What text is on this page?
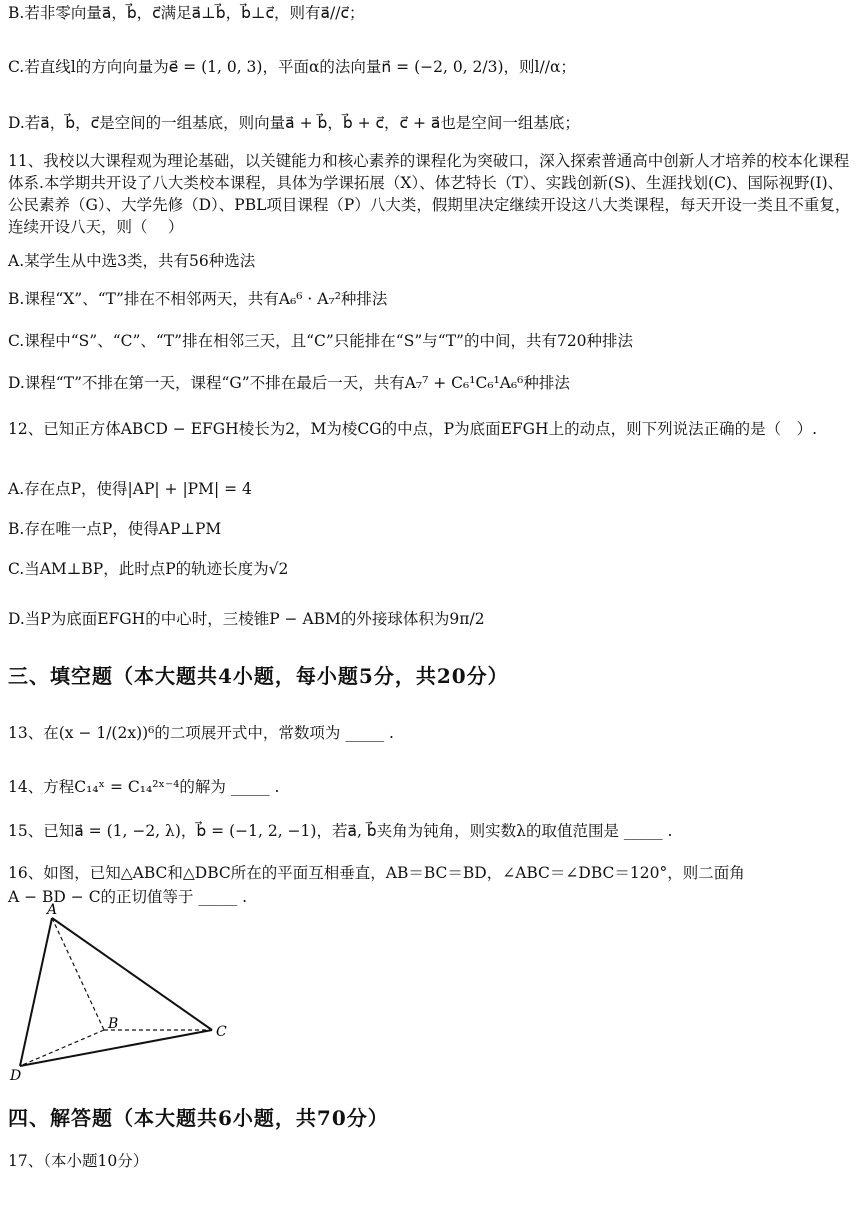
B.若非零向量a⃗，b⃗，c⃗满足a⃗⊥b⃗，b⃗⊥c⃗，则有a⃗//c⃗；
C.若直线l的方向向量为e⃗ = (1, 0, 3)，平面α的法向量n⃗ = (−2, 0, 2/3)，则l//α；
D.若a⃗，b⃗，c⃗是空间的一组基底，则向量a⃗ + b⃗，b⃗ + c⃗，c⃗ + a⃗也是空间一组基底；
11、我校以大课程观为理论基础，以关键能力和核心素养的课程化为突破口，深入探索普通高中创新人才培养的校本化课程体系.本学期共开设了八大类校本课程，具体为学课拓展（X）、体艺特长（T）、实践创新(S)、生涯找划(C)、国际视野(I)、公民素养（G）、大学先修（D）、PBL项目课程（P）八大类，假期里决定继续开设这八大类课程，每天开设一类且不重复，连续开设八天，则（　 ）
A.某学生从中选3类，共有56种选法
B.课程“X”、“T”排在不相邻两天，共有A₆⁶ · A₇²种排法
C.课程中“S”、“C”、“T”排在相邻三天，且“C”只能排在“S”与“T”的中间，共有720种排法
D.课程“T”不排在第一天，课程“G”不排在最后一天，共有A₇⁷ + C₆¹C₆¹A₆⁶种排法
12、已知正方体ABCD − EFGH棱长为2，M为棱CG的中点，P为底面EFGH上的动点，则下列说法正确的是（　）.
A.存在点P，使得|AP| + |PM| = 4
B.存在唯一点P，使得AP⊥PM
C.当AM⊥BP，此时点P的轨迹长度为√2
D.当P为底面EFGH的中心时，三棱锥P − ABM的外接球体积为9π/2
三、填空题（本大题共4小题，每小题5分，共20分）
13、在(x − 1/(2x))⁶的二项展开式中，常数项为 _____ .
14、方程C₁₄ˣ = C₁₄²ˣ⁻⁴的解为 _____ .
15、已知a⃗ = (1, −2, λ)，b⃗ = (−1, 2, −1)，若a⃗, b⃗夹角为钝角，则实数λ的取值范围是 _____ .
16、如图，已知△ABC和△DBC所在的平面互相垂直，AB＝BC＝BD，∠ABC＝∠DBC＝120°，则二面角
A − BD − C的正切值等于 _____ .
A
B	C
D
四、解答题（本大题共6小题，共70分）
17、（本小题10分）
